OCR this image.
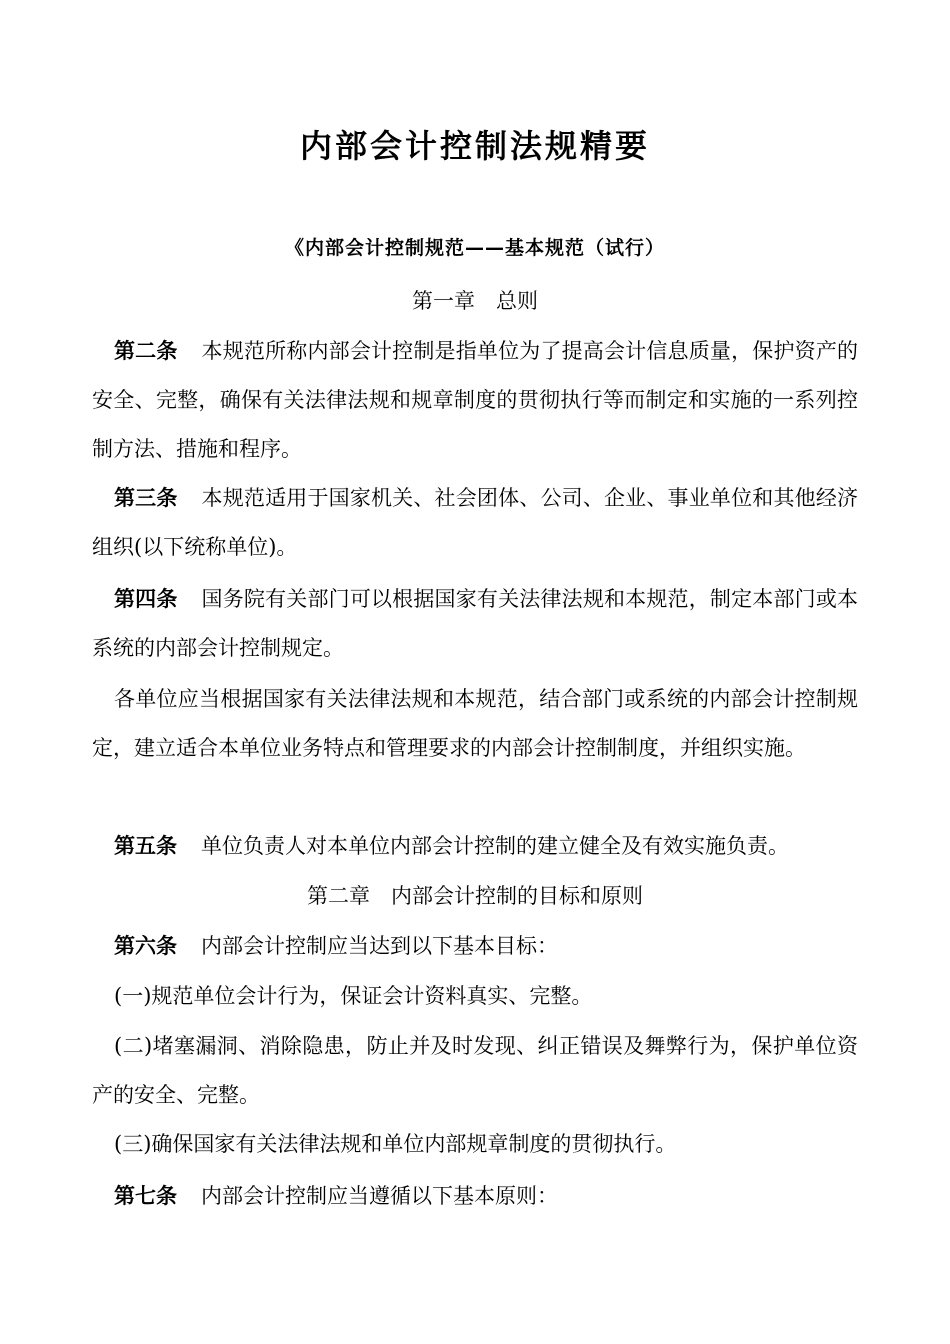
内部会计控制法规精要
《内部会计控制规范——基本规范（试行）
第一章　总则
第二条 本规范所称内部会计控制是指单位为了提高会计信息质量，保护资产的安全、完整，确保有关法律法规和规章制度的贯彻执行等而制定和实施的一系列控制方法、措施和程序。
第三条 本规范适用于国家机关、社会团体、公司、企业、事业单位和其他经济组织(以下统称单位)。
第四条 国务院有关部门可以根据国家有关法律法规和本规范，制定本部门或本系统的内部会计控制规定。
各单位应当根据国家有关法律法规和本规范，结合部门或系统的内部会计控制规定，建立适合本单位业务特点和管理要求的内部会计控制制度，并组织实施。
第五条 单位负责人对本单位内部会计控制的建立健全及有效实施负责。
第二章　内部会计控制的目标和原则
第六条 内部会计控制应当达到以下基本目标：
(一)规范单位会计行为，保证会计资料真实、完整。
(二)堵塞漏洞、消除隐患，防止并及时发现、纠正错误及舞弊行为，保护单位资产的安全、完整。
(三)确保国家有关法律法规和单位内部规章制度的贯彻执行。
第七条 内部会计控制应当遵循以下基本原则：
